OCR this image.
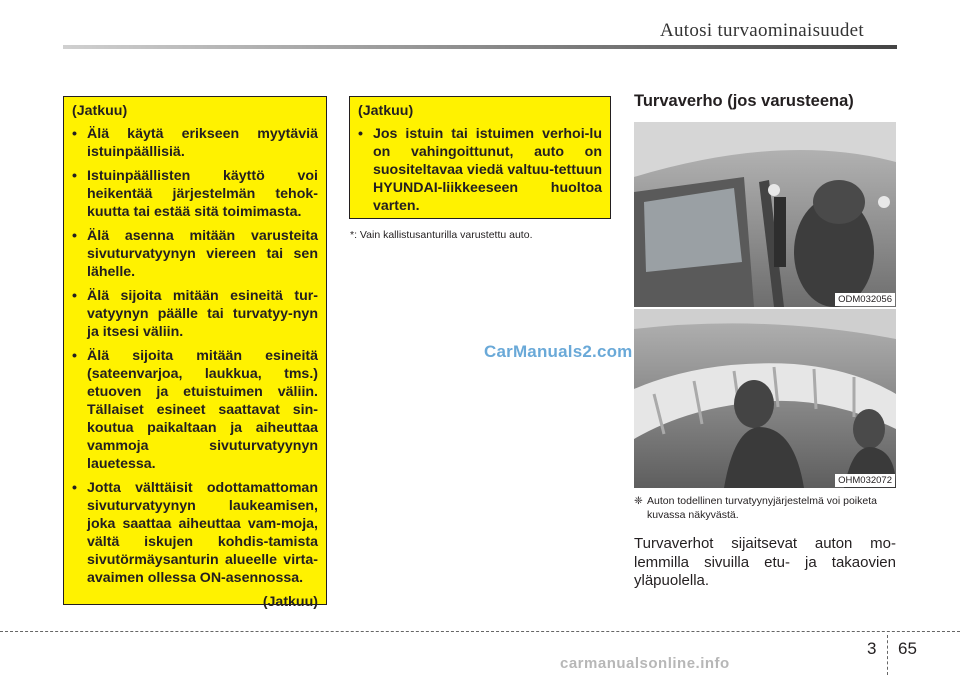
Autosi turvaominaisuudet
(Jatkuu)
• Älä käytä erikseen myytäviä istuinpäällisiä.
• Istuinpäällisten käyttö voi heikentää järjestelmän tehok-kuutta tai estää sitä toimimasta.
• Älä asenna mitään varusteita sivuturvatyynyn viereen tai sen lähelle.
• Älä sijoita mitään esineitä tur-vatyynyn päälle tai turvatyy-nyn ja itsesi väliin.
• Älä sijoita mitään esineitä (sateenvarjoa, laukkua, tms.) etuoven ja etuistuimen väliin. Tällaiset esineet saattavat sin-koutua paikaltaan ja aiheuttaa vammoja sivuturvatyynyn lauetessa.
• Jotta välttäisit odottamattoman sivuturvatyynyn laukeamisen, joka saattaa aiheuttaa vam-moja, vältä iskujen kohdis-tamista sivutörmäysanturin alueelle virta-avaimen ollessa ON-asennossa.
(Jatkuu)
(Jatkuu)
• Jos istuin tai istuimen verhoi-lu on vahingoittunut, auto on suositeltavaa viedä valtuu-tettuun HYUNDAI-liikkeeseen huoltoa varten.
*: Vain kallistusanturilla varustettu auto.
CarManuals2.com
Turvaverho (jos varusteena)
ODM032056
OHM032072
❈ Auton todellinen turvatyynyjärjestelmä voi poiketa kuvassa näkyvästä.
Turvaverhot sijaitsevat auton mo-lemmilla sivuilla etu- ja takaovien yläpuolella.
3 65
carmanualsonline.info
